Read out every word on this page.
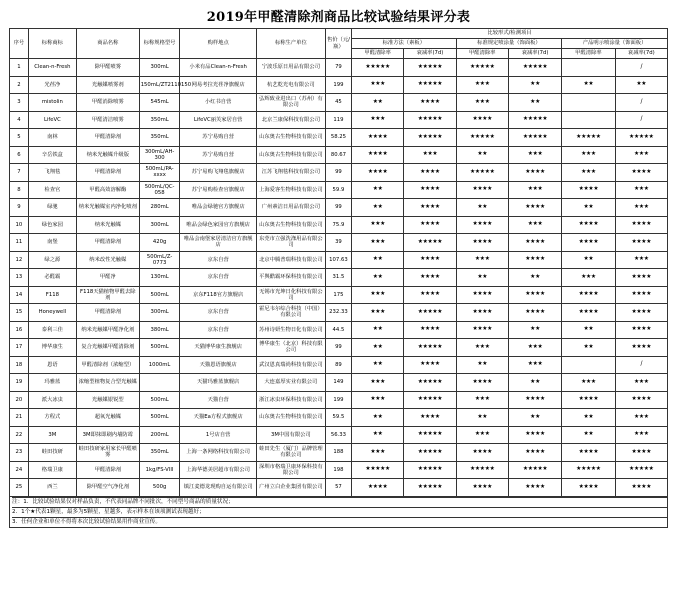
2019年甲醛清除剂商品比较试验结果评分表
序号	标称商标	商品名称	标称规格型号	购样地点	标称生产单位	售价（元/瓶）	比较形式/检测项目					
							标准方法（素板）		标准规定喷涂量（饰面板）		产品明示喷涂量（饰面板）	
							甲醛清除率	衰减率(7d)	甲醛清除率	衰减率(7d)	甲醛清除率	衰减率(7d)
1	Clean-n-Fresh	除甲醛喷雾	300mL	小米有品Clean-n-Fresh	宁波乐原日用品有限公司	79	★★★★★	★★★★★	★★★★★	★★★★★		/
2	光荏净	光触媒喷雾剂	150mL/ZT2110150	网易考拉光荏净旗舰店	杭艺乾光电有限公司	199	★★★	★★★★★	★★★	★★	★★	★★
3	mistolin	甲醛消除喷雾	545mL	小红书自营	弘辉致业进出口（苏州）有限公司	45	★★	★★★★	★★★	★★		/
4	LifeVC	甲醛清洁喷雾	350mL	LifeVC丽芙家居自营	北京兰康保科技有限公司	119	★★★	★★★★★	★★★★	★★★★★		/
5	南林	甲醛清除剂	350mL	苏宁易购自营	山东奥古生物科技有限公司	58.25	★★★★	★★★★★	★★★★★	★★★★★	★★★★★	★★★★★
6	辛岳铁盒	纳米光触媒升级版	300mL/AH-300	苏宁易购自营	山东奥古生物科技有限公司	80.67	★★★★	★★★	★★	★★★	★★★	★★★
7	飞翔毯	甲醛清除剂	500mL/PA-xxxx	苏宁易购飞翔毯旗舰店	江苏飞翔毯科技有限公司	99	★★★★	★★★★	★★★★★	★★★★	★★★	★★★★
8	检查官	甲醛高效溶解酶	500mL/QC-058	苏宁易购检查官旗舰店	上海爱客生物科技有限公司	59.9	★★	★★★★	★★★★	★★★	★★★★	★★★
9	绿驰	纳米光触媒室内净化喷剂	280mL	唯品会绿驰官方旗舰店	广州素洁日用品有限公司	99	★★	★★★★	★★	★★★★	★★	★★★
10	绿色家园	纳米光触媒	300mL	唯品会绿色家园官方旗舰店	山东奥古生物科技有限公司	75.9	★★★	★★★★	★★★★	★★★	★★★★	★★★★
11	南堡	甲醛清除剂	420g	唯品会南堡家居清洁官方旗舰店	东莞市立强洗涤用品有限公司	39	★★★	★★★★★	★★★★	★★★★	★★★★	★★★★
12	绿之源	纳米改性光触媒	500mL/Z-0773	京东自营	北京中腾普瑞科技有限公司	107.63	★★	★★★★	★★★	★★★★	★★	★★★
13	必醛霸	甲醛净	130mL	京东自营	平舆酷霸环保科技有限公司	31.5	★★	★★★★	★★	★★	★★★	★★★★
14	F118	F118天猫植物甲醛去除剂	500mL	京东F118官方旗舰店	无锡市光坤日化科技有限公司	175	★★★	★★★★	★★★★	★★★★	★★★★	★★★★
15	Honeywell	甲醛清除剂	300mL	京东自营	霍尼韦尔综合科技（中国）有限公司	232.33	★★★	★★★★★	★★★★	★★★★	★★★★	★★★★
16	泰利三佳	纳米光触媒甲醛净化剂	380mL	京东自营	苏州诗妍生物日化有限公司	44.5	★★	★★★★	★★★★	★★	★★	★★★★
17	博华康生	复合光触媒甲醛清除剂	500mL	天猫博华康生旗舰店	博华康生（北京）科技有限公司	99	★★	★★★★★	★★★	★★★	★★	★★★★
18	恩语	甲醛清除剂（浓缩型）	1000mL	天猫恩语旗舰店	武汉恩真瑞尚科技有限公司	89	★★	★★★★	★★	★★★		/
19	玛雅蓝	浓缩型植物复合型光触媒		天猫玛雅蓝旗舰店	大连嘉厚实业有限公司	149	★★★	★★★★★	★★★★	★★	★★★	★★★
20	派大冰虫	光触媒银锐型	500mL	天猫自营	浙江冰虫环保科技有限公司	199	★★★	★★★★★	★★★	★★★★	★★★★	★★★★
21	方程式	超氧光触媒	500mL	天猫Ea方程式旗舰店	山东奥古生物科技有限公司	59.5	★★	★★★★	★★	★★	★★	★★★
22	3M	3M即抹即刷内墙防霉	200mL	1号店自营	3M中国有限公司	56.33	★★	★★★★★	★★★	★★★★	★★	★★★
23	蛙田技研	蛙田技研家用家长甲醛喷雾	350mL	上海一条网络科技有限公司	蛙田先生（厦门）品牌管理有限公司	188	★★★	★★★★★	★★★★	★★★★	★★★★	★★★★
24	格瑞卫康	甲醛清除剂	1kg/FS-VIII	上海华德美居超市有限公司	深圳市格瑞卫康环保科技有限公司	198	★★★★★	★★★★★	★★★★★	★★★★★	★★★★★	★★★★★
25	西兰	除甲醛空气净化剂	500g	镇江麦德龙现购自运有限公司	广州立白企业集团有限公司	57	★★★★	★★★★★	★★★★	★★★★	★★★★	★★★★
注：1．比较试验结果仅对样品负责，不代表同品牌不同批次，不同型号商品的质量状况；
2．1个★代表1颗星，最多为5颗星，星越多，表示样本在该项测试表现越好；
3．任何企业和单位不得将本次比较试验结果用作商业宣传。
